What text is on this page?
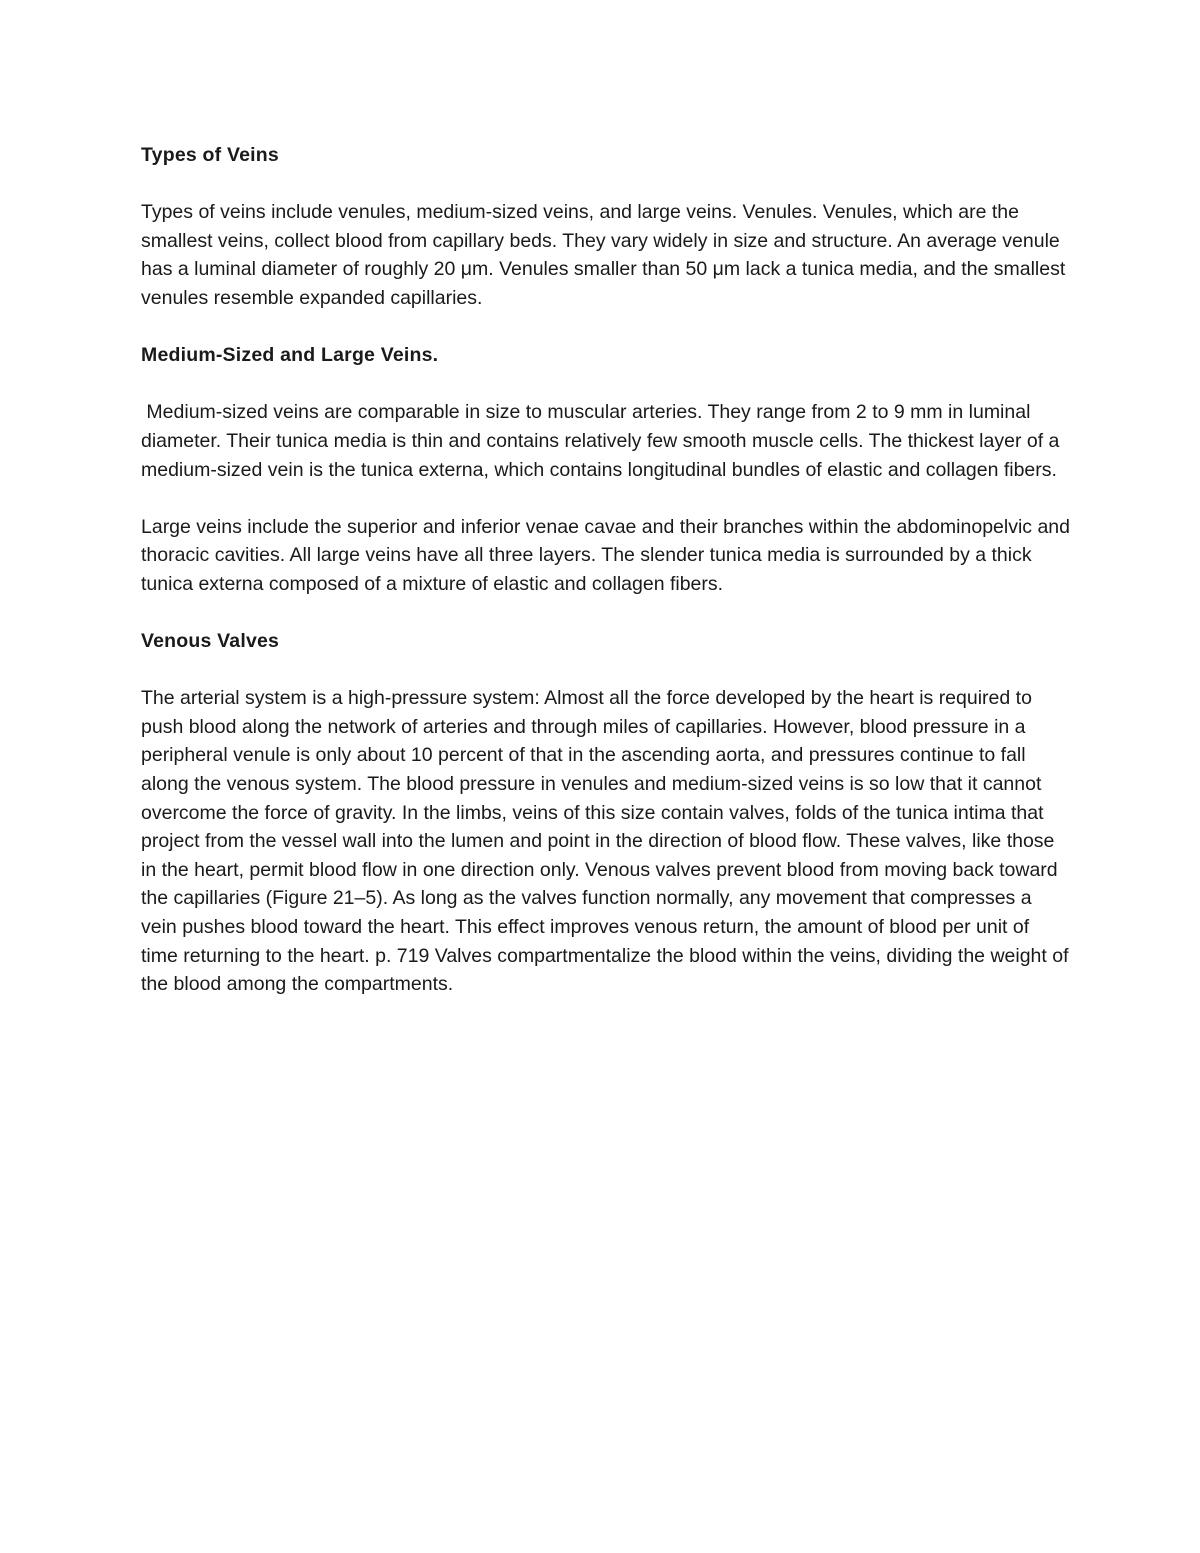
Types of Veins

Types of veins include venules, medium-sized veins, and large veins. Venules. Venules, which are the smallest veins, collect blood from capillary beds. They vary widely in size and structure. An average venule has a luminal diameter of roughly 20 μm. Venules smaller than 50 μm lack a tunica media, and the smallest venules resemble expanded capillaries.

Medium-Sized and Large Veins.

Medium-sized veins are comparable in size to muscular arteries. They range from 2 to 9 mm in luminal diameter. Their tunica media is thin and contains relatively few smooth muscle cells. The thickest layer of a medium-sized vein is the tunica externa, which contains longitudinal bundles of elastic and collagen fibers.

Large veins include the superior and inferior venae cavae and their branches within the abdominopelvic and thoracic cavities. All large veins have all three layers. The slender tunica media is surrounded by a thick tunica externa composed of a mixture of elastic and collagen fibers.

Venous Valves

The arterial system is a high-pressure system: Almost all the force developed by the heart is required to push blood along the network of arteries and through miles of capillaries. However, blood pressure in a peripheral venule is only about 10 percent of that in the ascending aorta, and pressures continue to fall along the venous system. The blood pressure in venules and medium-sized veins is so low that it cannot overcome the force of gravity. In the limbs, veins of this size contain valves, folds of the tunica intima that project from the vessel wall into the lumen and point in the direction of blood flow. These valves, like those in the heart, permit blood flow in one direction only. Venous valves prevent blood from moving back toward the capillaries (Figure 21–5). As long as the valves function normally, any movement that compresses a vein pushes blood toward the heart. This effect improves venous return, the amount of blood per unit of time returning to the heart. p. 719 Valves compartmentalize the blood within the veins, dividing the weight of the blood among the compartments.
